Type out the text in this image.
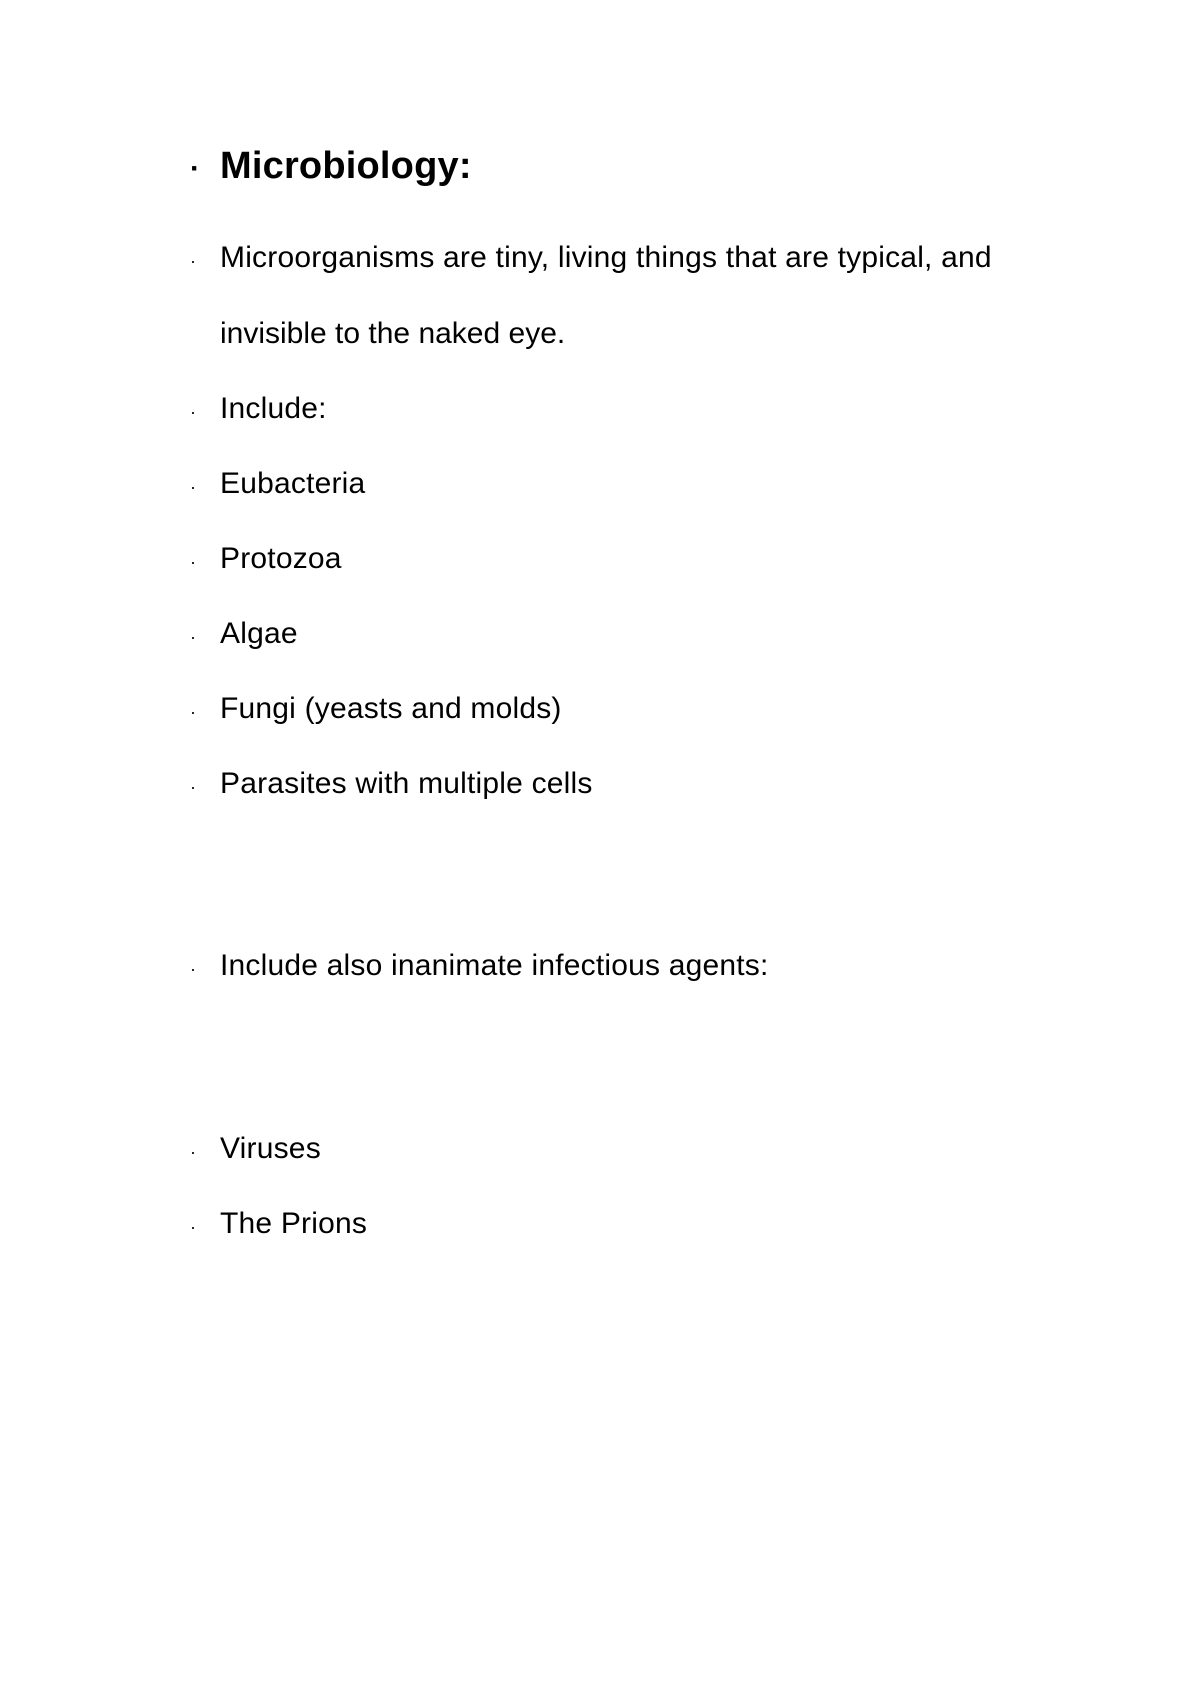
· Microbiology:
· Microorganisms are tiny, living things that are typical, and
invisible to the naked eye.
· Include:
· Eubacteria
· Protozoa
· Algae
· Fungi (yeasts and molds)
· Parasites with multiple cells
· Include also inanimate infectious agents:
· Viruses
· The Prions
